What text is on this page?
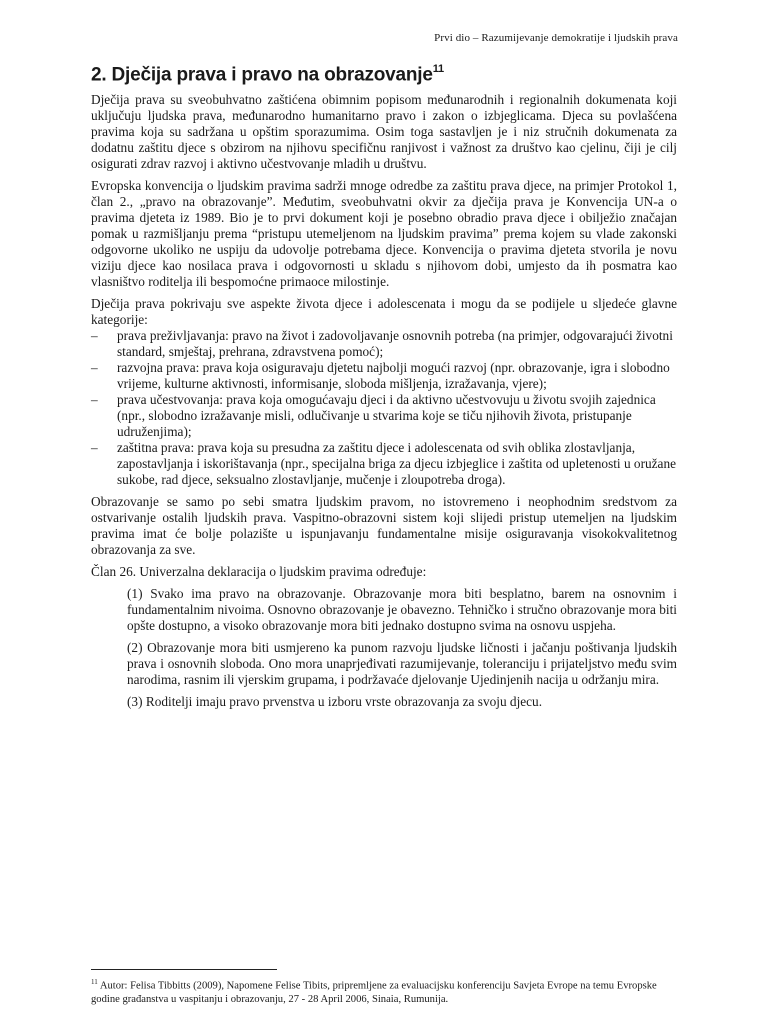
Prvi dio – Razumijevanje demokratije i ljudskih prava
2. Dječija prava i pravo na obrazovanje$^{11}$

Dječija prava su sveobuhvatno zaštićena obimnim popisom međunarodnih i regionalnih dokumenata koji uključuju ljudska prava, međunarodno humanitarno pravo i zakon o izbjeglicama. Djeca su povlašćena pravima koja su sadržana u opštim sporazumima. Osim toga sastavljen je i niz stručnih dokumenata za dodatnu zaštitu djece s obzirom na njihovu specifičnu ranjivost i važnost za društvo kao cjelinu, čiji je cilj osigurati zdrav razvoj i aktivno učestvovanje mladih u društvu.

Evropska konvencija o ljudskim pravima sadrži mnoge odredbe za zaštitu prava djece, na primjer Protokol 1, član 2., „pravo na obrazovanje”. Međutim, sveobuhvatni okvir za dječija prava je Konvencija UN-a o pravima djeteta iz 1989. Bio je to prvi dokument koji je posebno obradio prava djece i obilježio značajan pomak u razmišljanju prema “pristupu utemeljenom na ljudskim pravima” prema kojem su vlade zakonski odgovorne ukoliko ne uspiju da udovolje potrebama djece. Konvencija o pravima djeteta stvorila je novu viziju djece kao nosilaca prava i odgovornosti u skladu s njihovom dobi, umjesto da ih posmatra kao vlasništvo roditelja ili bespomoćne primaoce milostinje.

Dječija prava pokrivaju sve aspekte života djece i adolescenata i mogu da se podijele u sljedeće glavne kategorije:

– prava preživljavanja: pravo na život i zadovoljavanje osnovnih potreba (na primjer, odgovarajući životni standard, smještaj, prehrana, zdravstvena pomoć);
– razvojna prava: prava koja osiguravaju djetetu najbolji mogući razvoj (npr. obrazovanje, igra i slobodno vrijeme, kulturne aktivnosti, informisanje, sloboda mišljenja, izražavanja, vjere);
– prava učestvovanja: prava koja omogućavaju djeci i da aktivno učestvovuju u životu svojih zajednica (npr., slobodno izražavanje misli, odlučivanje u stvarima koje se tiču njihovih života, pristupanje udruženjima);
– zaštitna prava: prava koja su presudna za zaštitu djece i adolescenata od svih oblika zlostavljanja, zapostavljanja i iskorištavanja (npr., specijalna briga za djecu izbjeglice i zaštita od upletenosti u oružane sukobe, rad djece, seksualno zlostavljanje, mučenje i zloupotreba droga).

Obrazovanje se samo po sebi smatra ljudskim pravom, no istovremeno i neophodnim sredstvom za ostvarivanje ostalih ljudskih prava. Vaspitno-obrazovni sistem koji slijedi pristup utemeljen na ljudskim pravima imat će bolje polazište u ispunjavanju fundamentalne misije osiguravanja visokokvalitetnog obrazovanja za sve.

Član 26. Univerzalna deklaracija o ljudskim pravima određuje:

(1) Svako ima pravo na obrazovanje. Obrazovanje mora biti besplatno, barem na osnovnim i fundamentalnim nivoima. Osnovno obrazovanje je obavezno. Tehničko i stručno obrazovanje mora biti opšte dostupno, a visoko obrazovanje mora biti jednako dostupno svima na osnovu uspjeha.

(2) Obrazovanje mora biti usmjereno ka punom razvoju ljudske ličnosti i jačanju poštivanja ljudskih prava i osnovnih sloboda. Ono mora unaprjeđivati razumijevanje, toleranciju i prijateljstvo među svim narodima, rasnim ili vjerskim grupama, i podržavaće djelovanje Ujedinjenih nacija u održanju mira.

(3) Roditelji imaju pravo prvenstva u izboru vrste obrazovanja za svoju djecu.

$^{11}$ Autor: Felisa Tibbitts (2009), Napomene Felise Tibits, pripremljene za evaluacijsku konferenciju Savjeta Evrope na temu Evropske godine građanstva u vaspitanju i obrazovanju, 27 - 28 April 2006, Sinaia, Rumunija.
